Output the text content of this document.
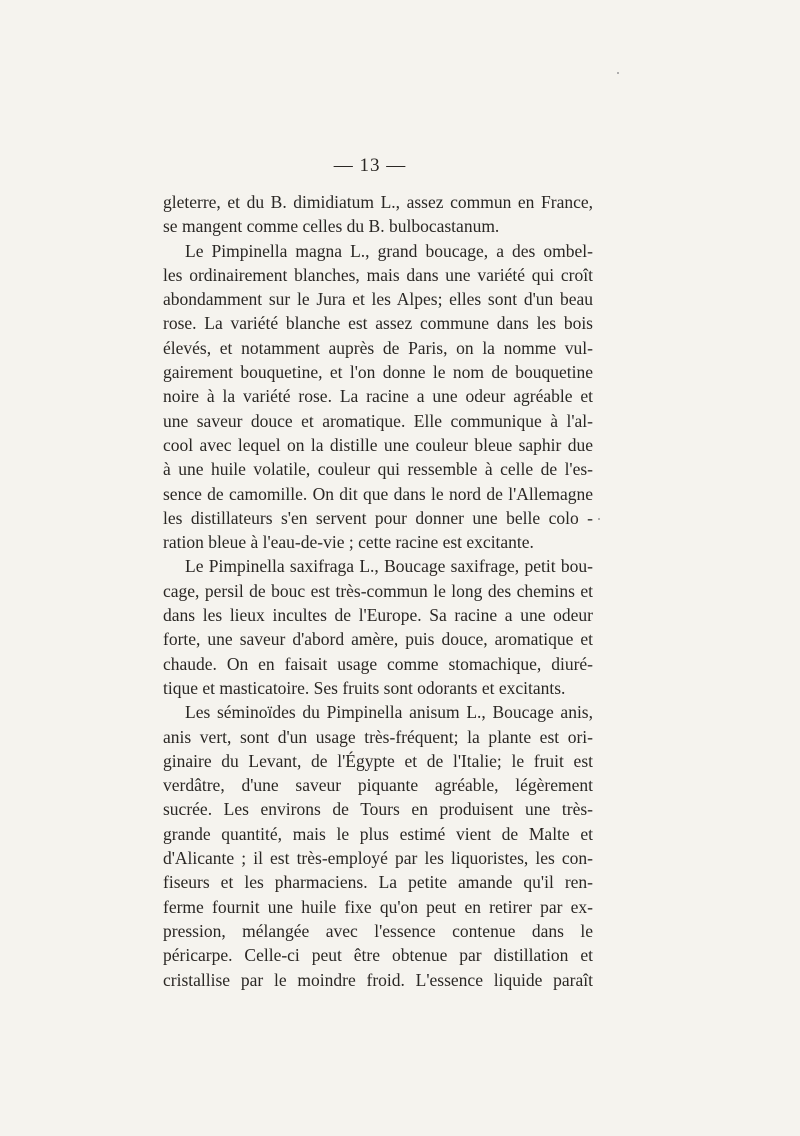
— 13 —
gleterre, et du B. dimidiatum L., assez commun en France,
se mangent comme celles du B. bulbocastanum.
Le Pimpinella magna L., grand boucage, a des ombel-
les ordinairement blanches, mais dans une variété qui croît
abondamment sur le Jura et les Alpes; elles sont d'un beau
rose. La variété blanche est assez commune dans les bois
élevés, et notamment auprès de Paris, on la nomme vul-
gairement bouquetine, et l'on donne le nom de bouquetine
noire à la variété rose. La racine a une odeur agréable et
une saveur douce et aromatique. Elle communique à l'al-
cool avec lequel on la distille une couleur bleue saphir due
à une huile volatile, couleur qui ressemble à celle de l'es-
sence de camomille. On dit que dans le nord de l'Allemagne
les distillateurs s'en servent pour donner une belle colo -
ration bleue à l'eau-de-vie ; cette racine est excitante.
Le Pimpinella saxifraga L., Boucage saxifrage, petit bou-
cage, persil de bouc est très-commun le long des chemins et
dans les lieux incultes de l'Europe. Sa racine a une odeur
forte, une saveur d'abord amère, puis douce, aromatique et
chaude. On en faisait usage comme stomachique, diuré-
tique et masticatoire. Ses fruits sont odorants et excitants.
Les séminoïdes du Pimpinella anisum L., Boucage anis,
anis vert, sont d'un usage très-fréquent; la plante est ori-
ginaire du Levant, de l'Égypte et de l'Italie; le fruit est
verdâtre, d'une saveur piquante agréable, légèrement
sucrée. Les environs de Tours en produisent une très-
grande quantité, mais le plus estimé vient de Malte et
d'Alicante ; il est très-employé par les liquoristes, les con-
fiseurs et les pharmaciens. La petite amande qu'il ren-
ferme fournit une huile fixe qu'on peut en retirer par ex-
pression, mélangée avec l'essence contenue dans le
péricarpe. Celle-ci peut être obtenue par distillation et
cristallise par le moindre froid. L'essence liquide paraît
